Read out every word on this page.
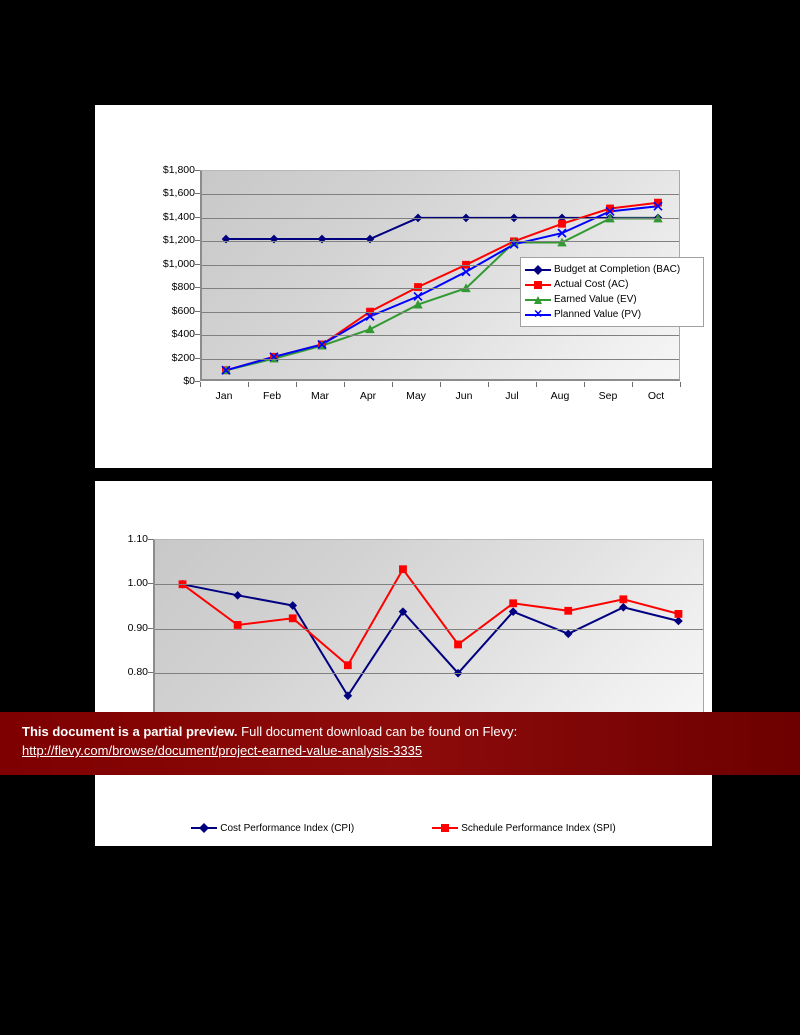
$0
$200
$400
$600
$800
$1,000
$1,200
$1,400
$1,600
$1,800
Budget at Completion (BAC)
Actual Cost (AC)
Earned Value (EV)
✕ Planned Value (PV)
Jan	Feb	Mar	Apr	May	Jun	Jul	Aug	Sep	Oct
0.80
0.90
1.00
1.10
Cost Performance Index (CPI)	Schedule Performance Index (SPI)
This document is a partial preview. Full document download can be found on Flevy:
http://flevy.com/browse/document/project-earned-value-analysis-3335
